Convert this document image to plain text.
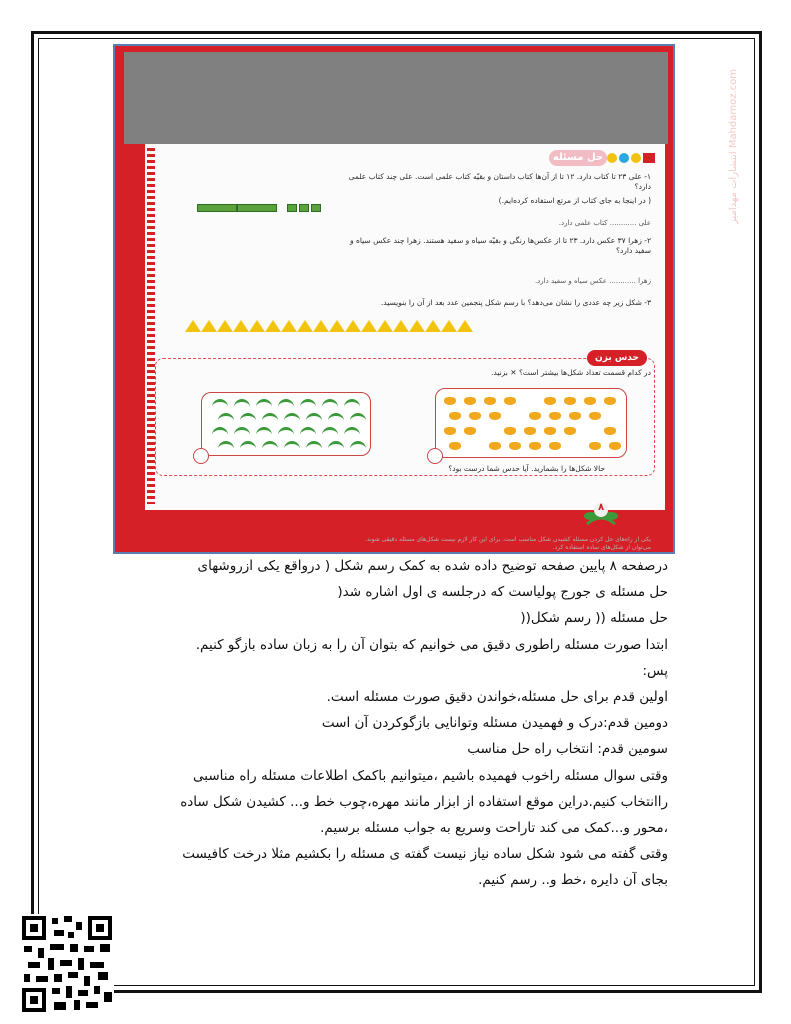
انتشارات مهدامیز Mahdamoz.com
حل مسئله
۱- علی ۲۳ تا کتاب دارد. ۱۲ تا از آن‌ها کتاب داستان و بقیّه کتاب علمی است. علی چند کتاب علمی
دارد؟
( در اینجا به جای کتاب از مرتع استفاده کرده‌ایم.)
علی ............ کتاب علمی دارد.
۲- زهرا ۳۷ عکس دارد. ۲۳ تا از عکس‌ها رنگی و بقیّه سیاه و سفید هستند. زهرا چند عکس سیاه و
سفید دارد؟
زهرا ............ عکس سیاه و سفید دارد.
۳- شکل زیر چه عددی را نشان می‌دهد؟ با رسم شکل پنجمین عدد بعد از آن را بنویسید.
حدس بزن
در کدام قسمت تعداد شکل‌ها بیشتر است؟ ✕ بزنید.
حالا شکل‌ها را بشمارید. آیا حدس شما درست بود؟
یکی از راه‌های حل کردن مسئله کشیدن شکل مناسب است. برای این کار لازم نیست شکل‌های مسئله دقیقی شوند.
می‌توان از شکل‌های ساده استفاده کرد.
۸
درصفحه ۸ پایین صفحه توضیح داده شده به کمک رسم شکل ( درواقع یکی ازروشهای
حل مسئله ی جورج پولیاست که درجلسه ی اول اشاره شد(
حل مسئله (( رسم شکل((
ابتدا صورت مسئله راطوری دقیق می خوانیم که بتوان آن را به زبان ساده بازگو کنیم.
پس:
اولین قدم برای حل مسئله،خواندن دقیق صورت مسئله است.
دومین قدم:درک و فهمیدن مسئله وتوانایی بازگوکردن آن است
سومین قدم: انتخاب راه حل مناسب
وقتی سوال مسئله راخوب فهمیده باشیم ،میتوانیم باکمک اطلاعات مسئله راه مناسبی
راانتخاب کنیم.دراین موقع استفاده از ابزار مانند مهره،چوب خط و... کشیدن شکل ساده
،محور و...کمک می کند تاراحت وسریع به جواب مسئله برسیم.
وقتی گفته می شود شکل ساده نیاز نیست گفته ی مسئله را بکشیم مثلا درخت کافیست
بجای آن دایره ،خط و.. رسم کنیم.
